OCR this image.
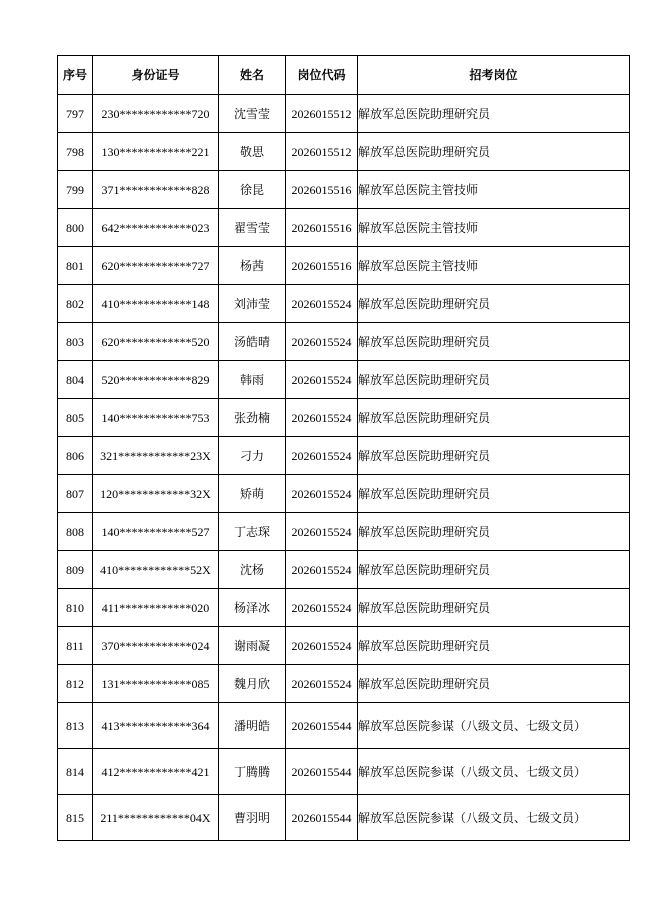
序号	身份证号	姓名	岗位代码	招考岗位
797	230************720	沈雪莹	2026015512	解放军总医院助理研究员
798	130************221	敬思	2026015512	解放军总医院助理研究员
799	371************828	徐昆	2026015516	解放军总医院主管技师
800	642************023	翟雪莹	2026015516	解放军总医院主管技师
801	620************727	杨茜	2026015516	解放军总医院主管技师
802	410************148	刘沛莹	2026015524	解放军总医院助理研究员
803	620************520	汤皓晴	2026015524	解放军总医院助理研究员
804	520************829	韩雨	2026015524	解放军总医院助理研究员
805	140************753	张劲楠	2026015524	解放军总医院助理研究员
806	321************23X	刁力	2026015524	解放军总医院助理研究员
807	120************32X	矫萌	2026015524	解放军总医院助理研究员
808	140************527	丁志琛	2026015524	解放军总医院助理研究员
809	410************52X	沈杨	2026015524	解放军总医院助理研究员
810	411************020	杨泽冰	2026015524	解放军总医院助理研究员
811	370************024	谢雨凝	2026015524	解放军总医院助理研究员
812	131************085	魏月欣	2026015524	解放军总医院助理研究员
813	413************364	潘明皓	2026015544	解放军总医院参谋（八级文员、七级文员）
814	412************421	丁腾腾	2026015544	解放军总医院参谋（八级文员、七级文员）
815	211************04X	曹羽明	2026015544	解放军总医院参谋（八级文员、七级文员）
